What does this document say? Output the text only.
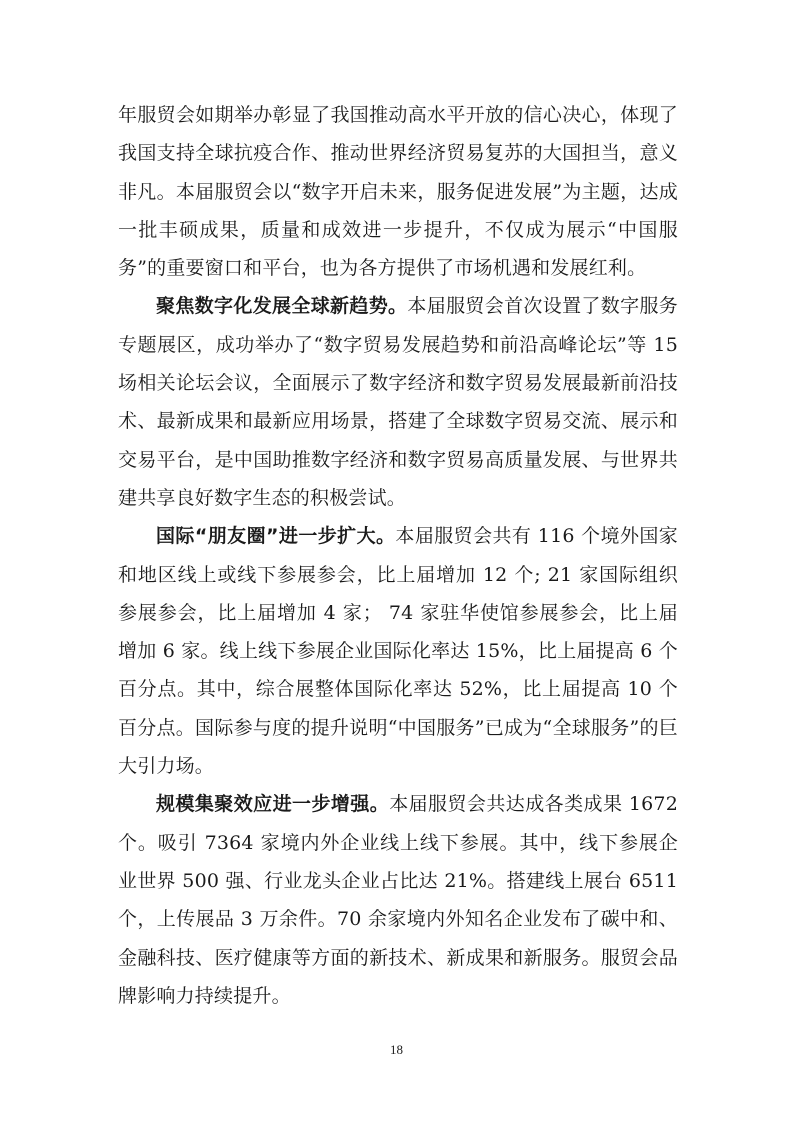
年服贸会如期举办彰显了我国推动高水平开放的信心决心，体现了我国支持全球抗疫合作、推动世界经济贸易复苏的大国担当，意义非凡。本届服贸会以“数字开启未来，服务促进发展”为主题，达成一批丰硕成果，质量和成效进一步提升，不仅成为展示“中国服务”的重要窗口和平台，也为各方提供了市场机遇和发展红利。

聚焦数字化发展全球新趋势。本届服贸会首次设置了数字服务专题展区，成功举办了“数字贸易发展趋势和前沿高峰论坛”等 15 场相关论坛会议，全面展示了数字经济和数字贸易发展最新前沿技术、最新成果和最新应用场景，搭建了全球数字贸易交流、展示和交易平台，是中国助推数字经济和数字贸易高质量发展、与世界共建共享良好数字生态的积极尝试。

国际“朋友圈”进一步扩大。本届服贸会共有 116 个境外国家和地区线上或线下参展参会，比上届增加 12 个; 21 家国际组织参展参会，比上届增加 4 家； 74 家驻华使馆参展参会，比上届增加 6 家。线上线下参展企业国际化率达 15%，比上届提高 6 个百分点。其中，综合展整体国际化率达 52%，比上届提高 10 个百分点。国际参与度的提升说明“中国服务”已成为“全球服务”的巨大引力场。

规模集聚效应进一步增强。本届服贸会共达成各类成果 1672 个。吸引 7364 家境内外企业线上线下参展。其中，线下参展企业世界 500 强、行业龙头企业占比达 21%。搭建线上展台 6511 个，上传展品 3 万余件。70 余家境内外知名企业发布了碳中和、金融科技、医疗健康等方面的新技术、新成果和新服务。服贸会品牌影响力持续提升。

18
